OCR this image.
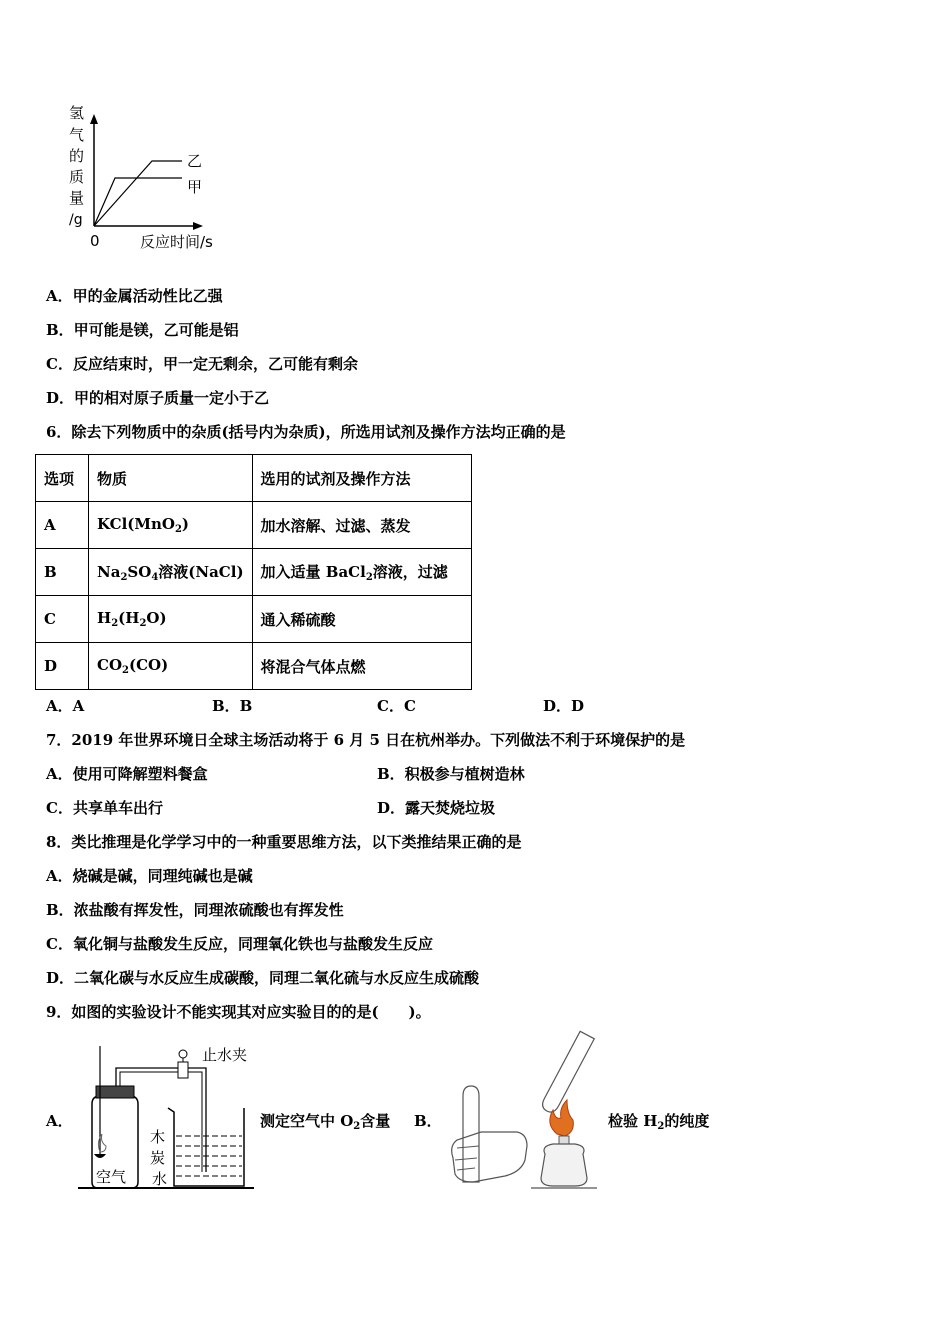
氢
气
的
质
量
/g
0	反应时间/s
乙
甲
A．甲的金属活动性比乙强
B．甲可能是镁，乙可能是铝
C．反应结束时，甲一定无剩余，乙可能有剩余
D．甲的相对原子质量一定小于乙
6．除去下列物质中的杂质(括号内为杂质)，所选用试剂及操作方法均正确的是
选项	物质	选用的试剂及操作方法
A	KCl(MnO$_2$)	加水溶解、过滤、蒸发
B	$Na_2SO_4$溶液(NaCl)	加入适量 BaCl$_2$溶液，过滤
C	$H_2(H_2O)$	通入稀硫酸
D	$CO_2(CO)$	将混合气体点燃
A．A	B．B	C．C	D．D
7．2019 年世界环境日全球主场活动将于 6 月 5 日在杭州举办。下列做法不利于环境保护的是
A．使用可降解塑料餐盒	B．积极参与植树造林
C．共享单车出行	D．露天焚烧垃圾
8．类比推理是化学学习中的一种重要思维方法，以下类推结果正确的是
A．烧碱是碱，同理纯碱也是碱
B．浓盐酸有挥发性，同理浓硫酸也有挥发性
C．氧化铜与盐酸发生反应，同理氧化铁也与盐酸发生反应
D．二氧化碳与水反应生成碳酸，同理二氧化硫与水反应生成硫酸
9．如图的实验设计不能实现其对应实验目的的是(　　)。
A．
止水夹
木
炭
空气 水
测定空气中 $O_2$含量 B．	检验 $H_2$的纯度
